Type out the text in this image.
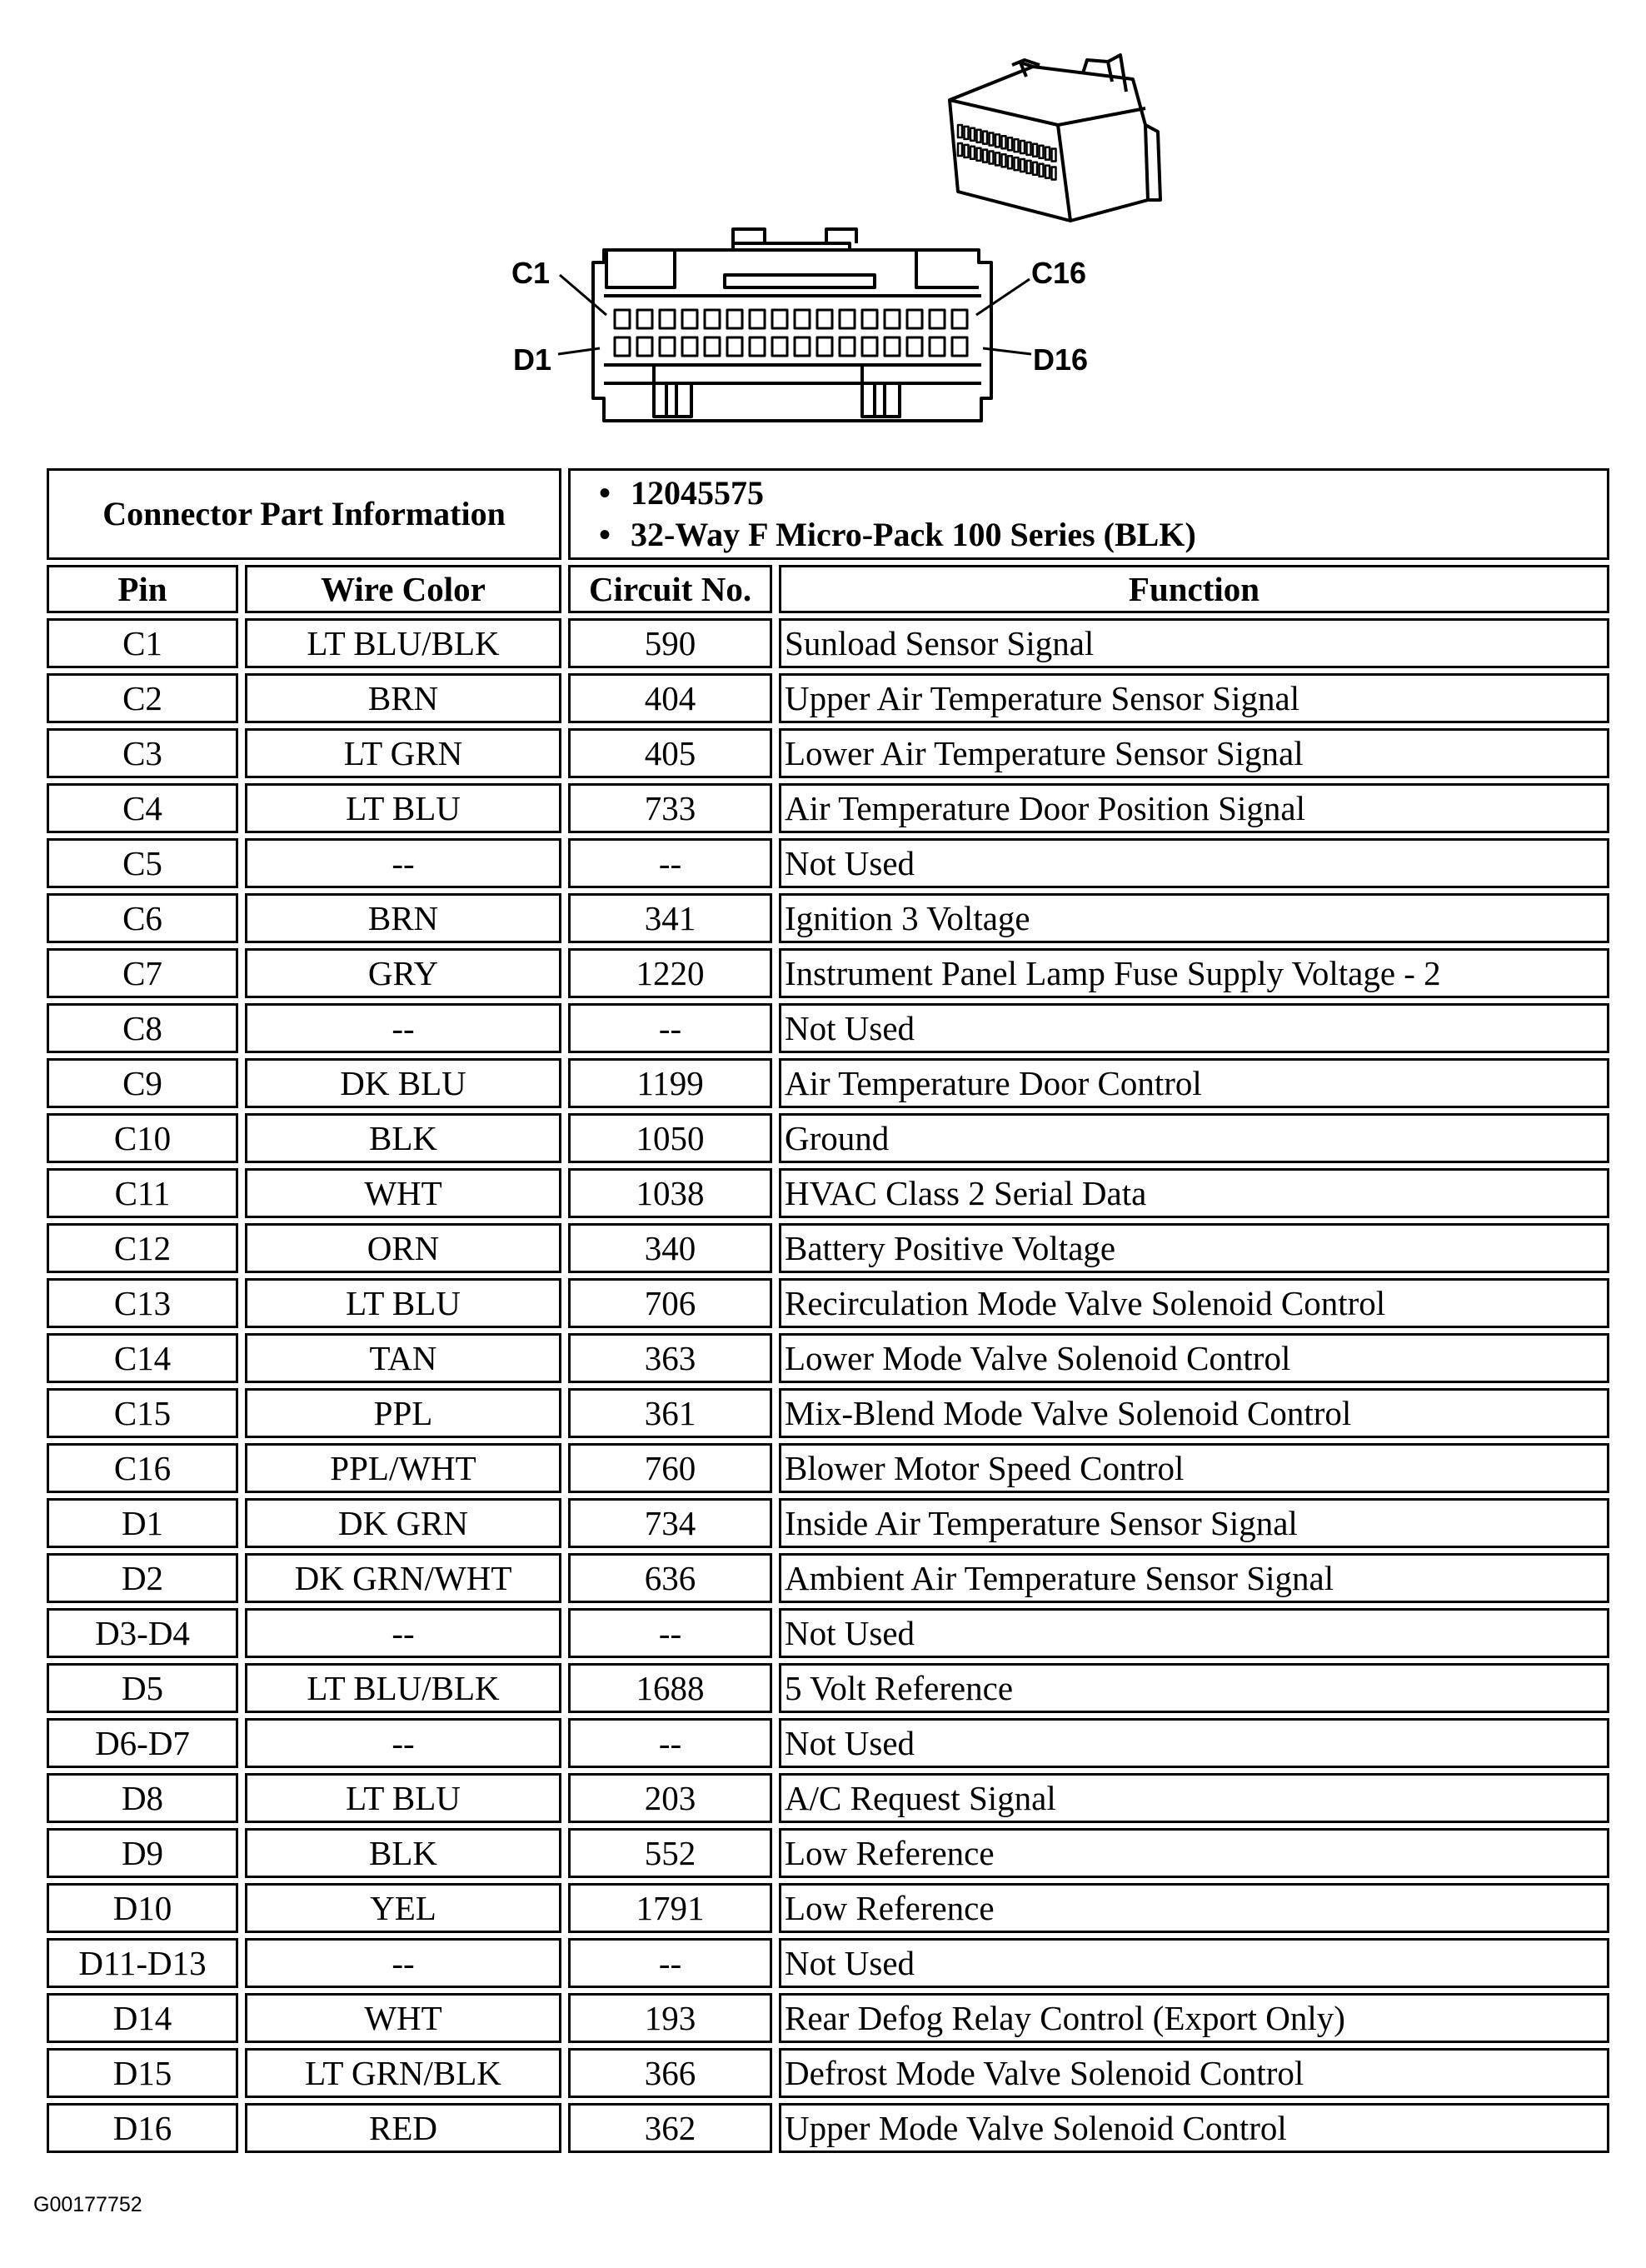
C1	C16
D1	D16
Connector Part Information		• 12045575
• 32-Way F Micro-Pack 100 Series (BLK)

Pin	Wire Color	Circuit No.	Function
C1	LT BLU/BLK	590	Sunload Sensor Signal
C2	BRN	404	Upper Air Temperature Sensor Signal
C3	LT GRN	405	Lower Air Temperature Sensor Signal
C4	LT BLU	733	Air Temperature Door Position Signal
C5	--	--	Not Used
C6	BRN	341	Ignition 3 Voltage
C7	GRY	1220	Instrument Panel Lamp Fuse Supply Voltage - 2
C8	--	--	Not Used
C9	DK BLU	1199	Air Temperature Door Control
C10	BLK	1050	Ground
C11	WHT	1038	HVAC Class 2 Serial Data
C12	ORN	340	Battery Positive Voltage
C13	LT BLU	706	Recirculation Mode Valve Solenoid Control
C14	TAN	363	Lower Mode Valve Solenoid Control
C15	PPL	361	Mix-Blend Mode Valve Solenoid Control
C16	PPL/WHT	760	Blower Motor Speed Control
D1	DK GRN	734	Inside Air Temperature Sensor Signal
D2	DK GRN/WHT	636	Ambient Air Temperature Sensor Signal
D3-D4	--	--	Not Used
D5	LT BLU/BLK	1688	5 Volt Reference
D6-D7	--	--	Not Used
D8	LT BLU	203	A/C Request Signal
D9	BLK	552	Low Reference
D10	YEL	1791	Low Reference
D11-D13	--	--	Not Used
D14	WHT	193	Rear Defog Relay Control (Export Only)
D15	LT GRN/BLK	366	Defrost Mode Valve Solenoid Control
D16	RED	362	Upper Mode Valve Solenoid Control
G00177752
